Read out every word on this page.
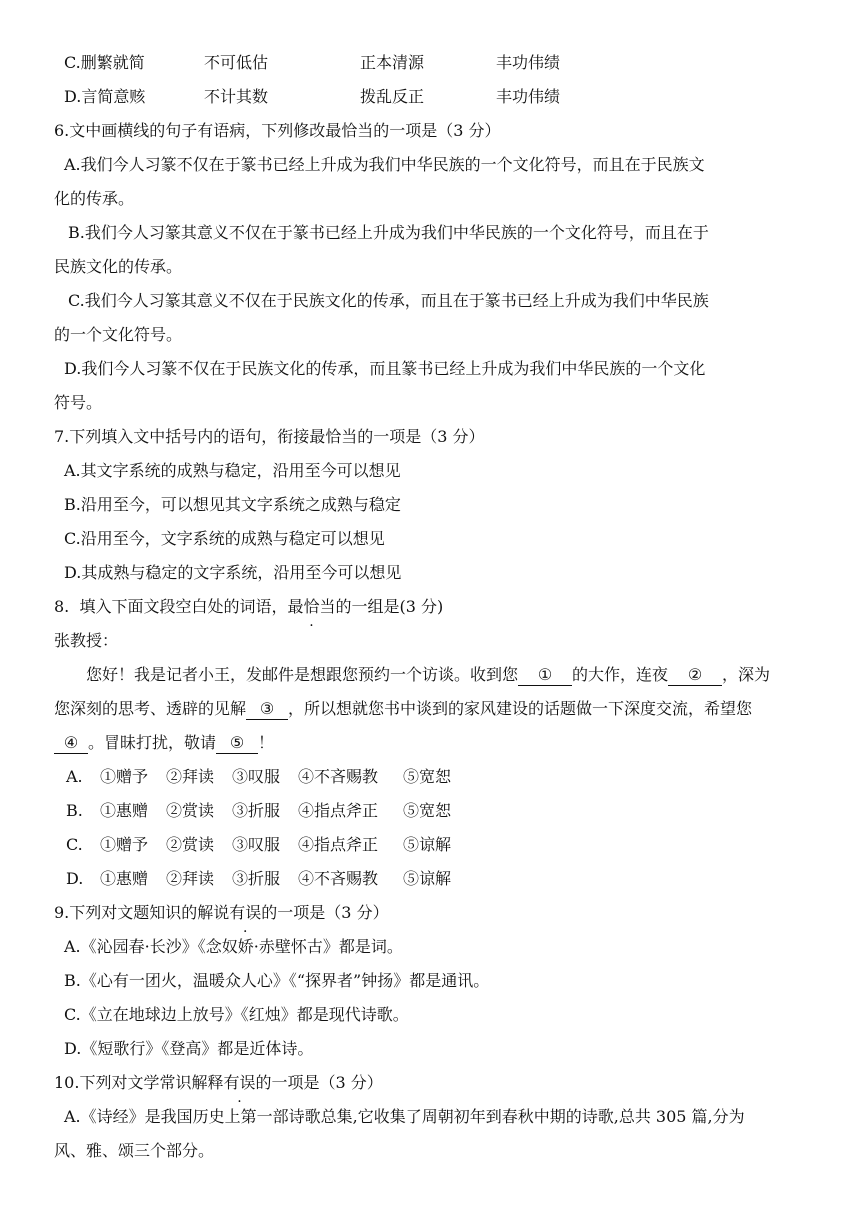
C.删繁就简	不可低估	正本清源	丰功伟绩
D.言简意赅	不计其数	拨乱反正	丰功伟绩
6.文中画横线的句子有语病，下列修改最恰当的一项是（3 分）
A.我们今人习篆不仅在于篆书已经上升成为我们中华民族的一个文化符号，而且在于民族文
化的传承。
B.我们今人习篆其意义不仅在于篆书已经上升成为我们中华民族的一个文化符号，而且在于
民族文化的传承。
C.我们今人习篆其意义不仅在于民族文化的传承，而且在于篆书已经上升成为我们中华民族
的一个文化符号。
D.我们今人习篆不仅在于民族文化的传承，而且篆书已经上升成为我们中华民族的一个文化
符号。
7.下列填入文中括号内的语句，衔接最恰当的一项是（3 分）
A.其文字系统的成熟与稳定，沿用至今可以想见
B.沿用至今，可以想见其文字系统之成熟与稳定
C.沿用至今，文字系统的成熟与稳定可以想见
D.其成熟与稳定的文字系统，沿用至今可以想见
8.  填入下面文段空白处的词语，最恰当的一组是(3 分)
张教授：
您好！我是记者小王，发邮件是想跟您预约一个访谈。收到您 ① 的大作，连夜 ② ，深为
您深刻的思考、透辟的见解 ③ ，所以想就您书中谈到的家风建设的话题做一下深度交流，希望您
④ 。冒昧打扰，敬请 ⑤ ！
A.	①赠予	②拜读	③叹服	④不吝赐教	⑤宽恕
B.	①惠赠	②赏读	③折服	④指点斧正	⑤宽恕
C.	①赠予	②赏读	③叹服	④指点斧正	⑤谅解
D.	①惠赠	②拜读	③折服	④不吝赐教	⑤谅解
9.下列对文题知识的解说有误的一项是（3 分）
A.《沁园春·长沙》《念奴娇·赤壁怀古》都是词。
B.《心有一团火，温暖众人心》《“探界者”钟扬》都是通讯。
C.《立在地球边上放号》《红烛》都是现代诗歌。
D.《短歌行》《登高》都是近体诗。
10.下列对文学常识解释有误的一项是（3 分）
A.《诗经》是我国历史上第一部诗歌总集,它收集了周朝初年到春秋中期的诗歌,总共 305 篇,分为
风、雅、颂三个部分。
